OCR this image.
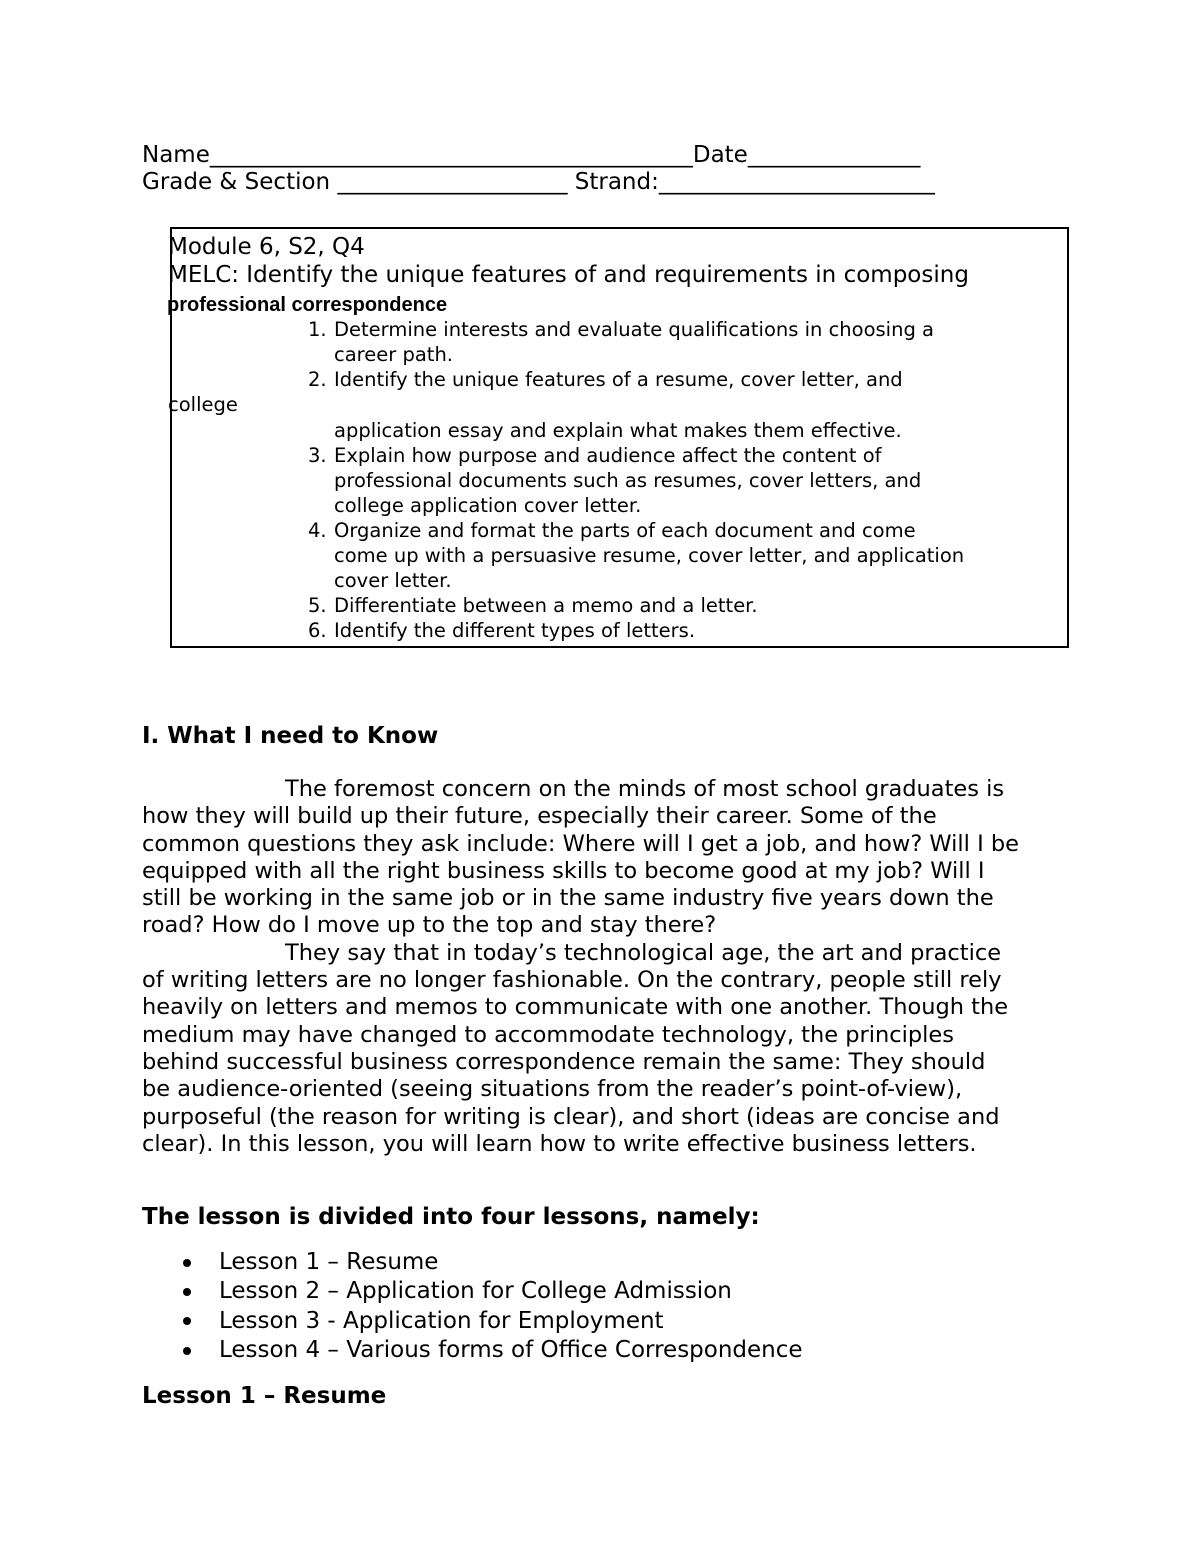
Name__________________________________________Date_______________
Grade & Section ____________________ Strand:________________________
Module 6, S2, Q4
MELC: Identify the unique features of and requirements in composing
professional correspondence
1. Determine interests and evaluate qualifications in choosing a
career path.
2. Identify the unique features of a resume, cover letter, and
college
application essay and explain what makes them effective.
3. Explain how purpose and audience affect the content of
professional documents such as resumes, cover letters, and
college application cover letter.
4. Organize and format the parts of each document and come
come up with a persuasive resume, cover letter, and application
cover letter.
5. Differentiate between a memo and a letter.
6. Identify the different types of letters.
I. What I need to Know
The foremost concern on the minds of most school graduates is
how they will build up their future, especially their career. Some of the
common questions they ask include: Where will I get a job, and how? Will I be
equipped with all the right business skills to become good at my job? Will I
still be working in the same job or in the same industry five years down the
road? How do I move up to the top and stay there?
They say that in today’s technological age, the art and practice
of writing letters are no longer fashionable. On the contrary, people still rely
heavily on letters and memos to communicate with one another. Though the
medium may have changed to accommodate technology, the principles
behind successful business correspondence remain the same: They should
be audience-oriented (seeing situations from the reader’s point-of-view),
purposeful (the reason for writing is clear), and short (ideas are concise and
clear). In this lesson, you will learn how to write effective business letters.
The lesson is divided into four lessons, namely:
Lesson 1 – Resume
Lesson 2 – Application for College Admission
Lesson 3 - Application for Employment
Lesson 4 – Various forms of Office Correspondence
Lesson 1 – Resume
